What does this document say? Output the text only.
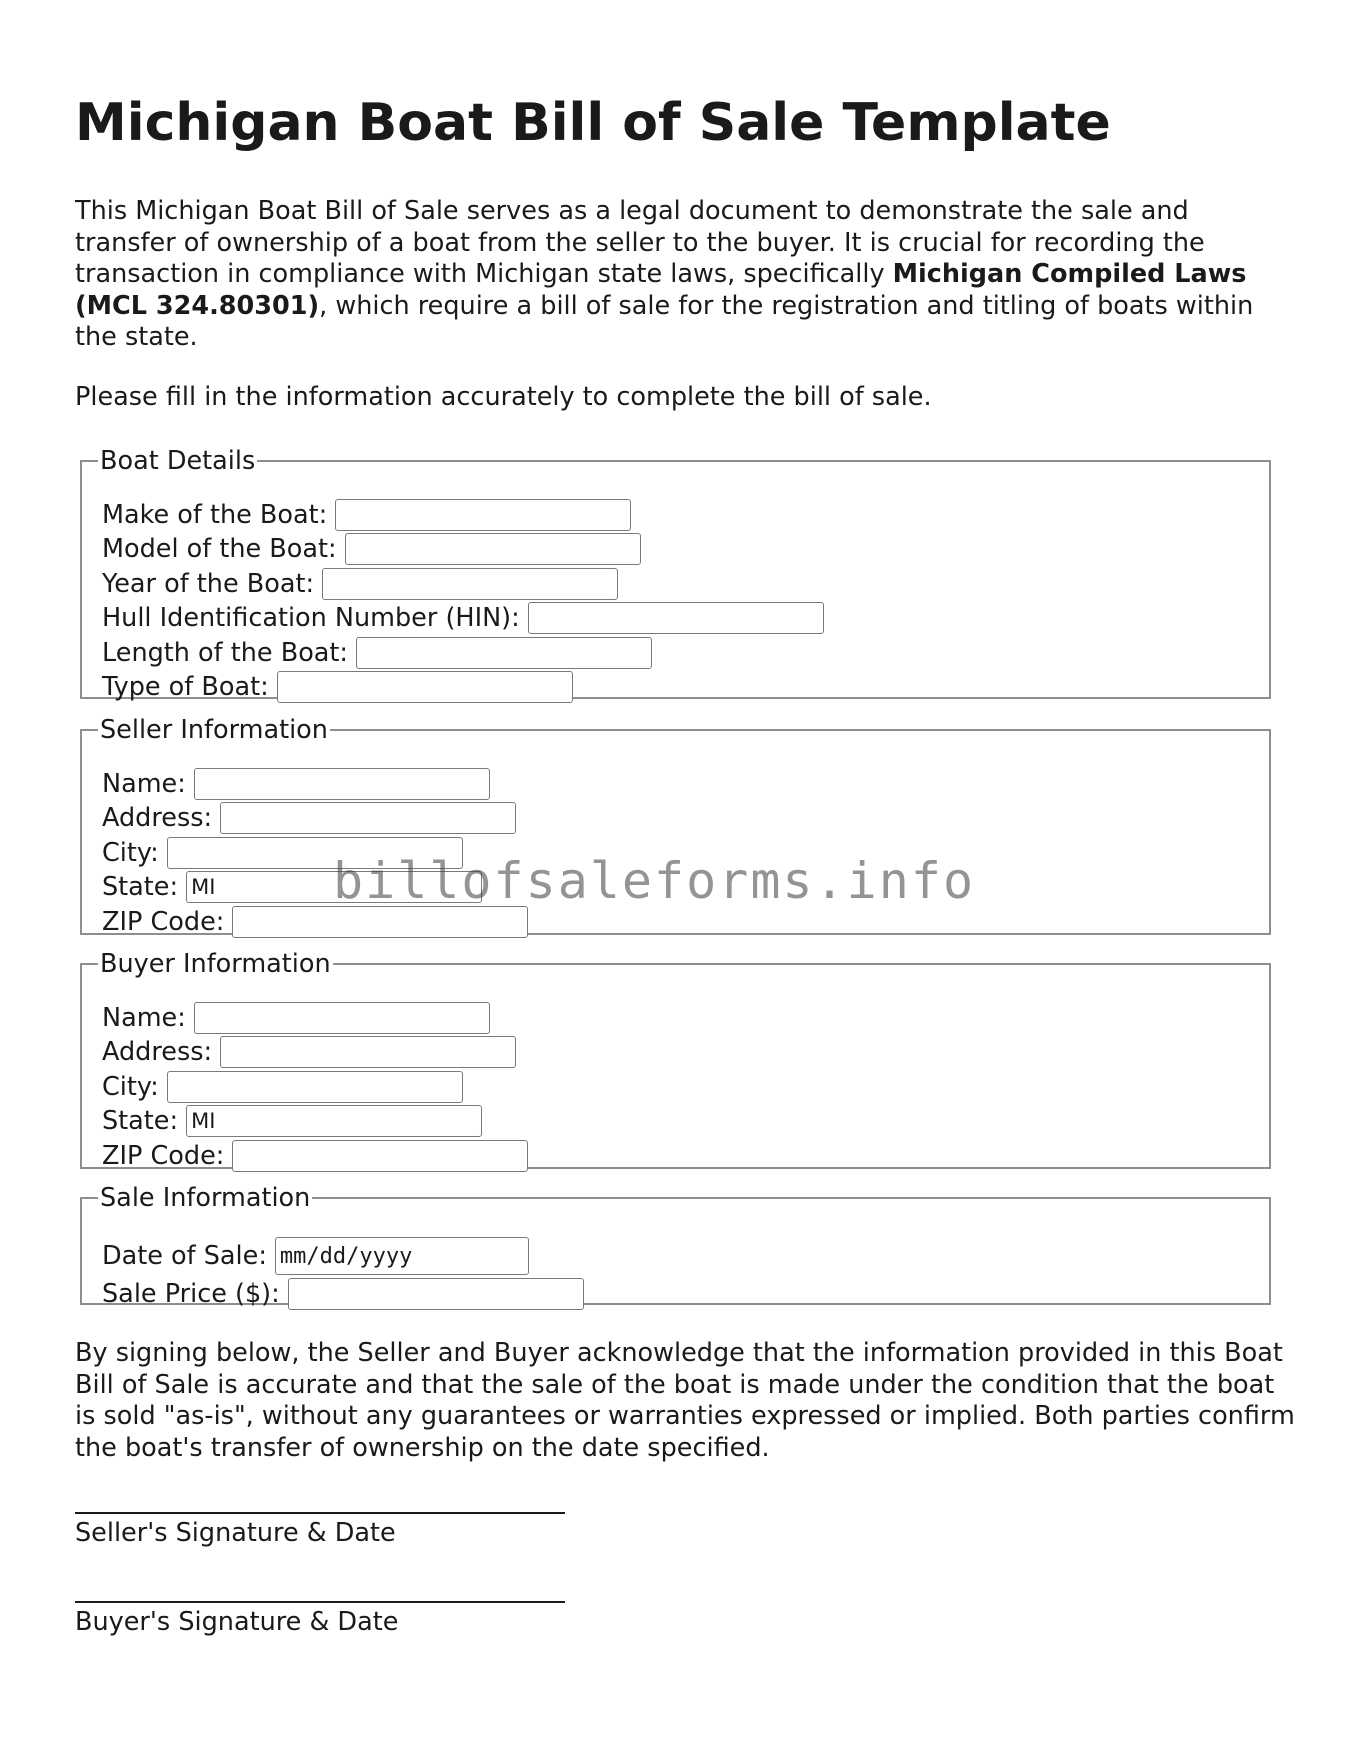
Michigan Boat Bill of Sale Template

This Michigan Boat Bill of Sale serves as a legal document to demonstrate the sale and transfer of ownership of a boat from the seller to the buyer. It is crucial for recording the transaction in compliance with Michigan state laws, specifically Michigan Compiled Laws (MCL 324.80301), which require a bill of sale for the registration and titling of boats within the state.

Please fill in the information accurately to complete the bill of sale.

Boat Details
Make of the Boat:
Model of the Boat:
Year of the Boat:
Hull Identification Number (HIN):
Length of the Boat:
Type of Boat:
Seller Information
Name:
Address:
City:
State:
MI
ZIP Code:
Buyer Information
Name:
Address:
City:
State:
MI
ZIP Code:
Sale Information
Date of Sale:
mm/dd/yyyy
Sale Price ($):

By signing below, the Seller and Buyer acknowledge that the information provided in this Boat Bill of Sale is accurate and that the sale of the boat is made under the condition that the boat is sold "as-is", without any guarantees or warranties expressed or implied. Both parties confirm the boat's transfer of ownership on the date specified.

Seller's Signature & Date
Buyer's Signature & Date
billofsaleforms.info
